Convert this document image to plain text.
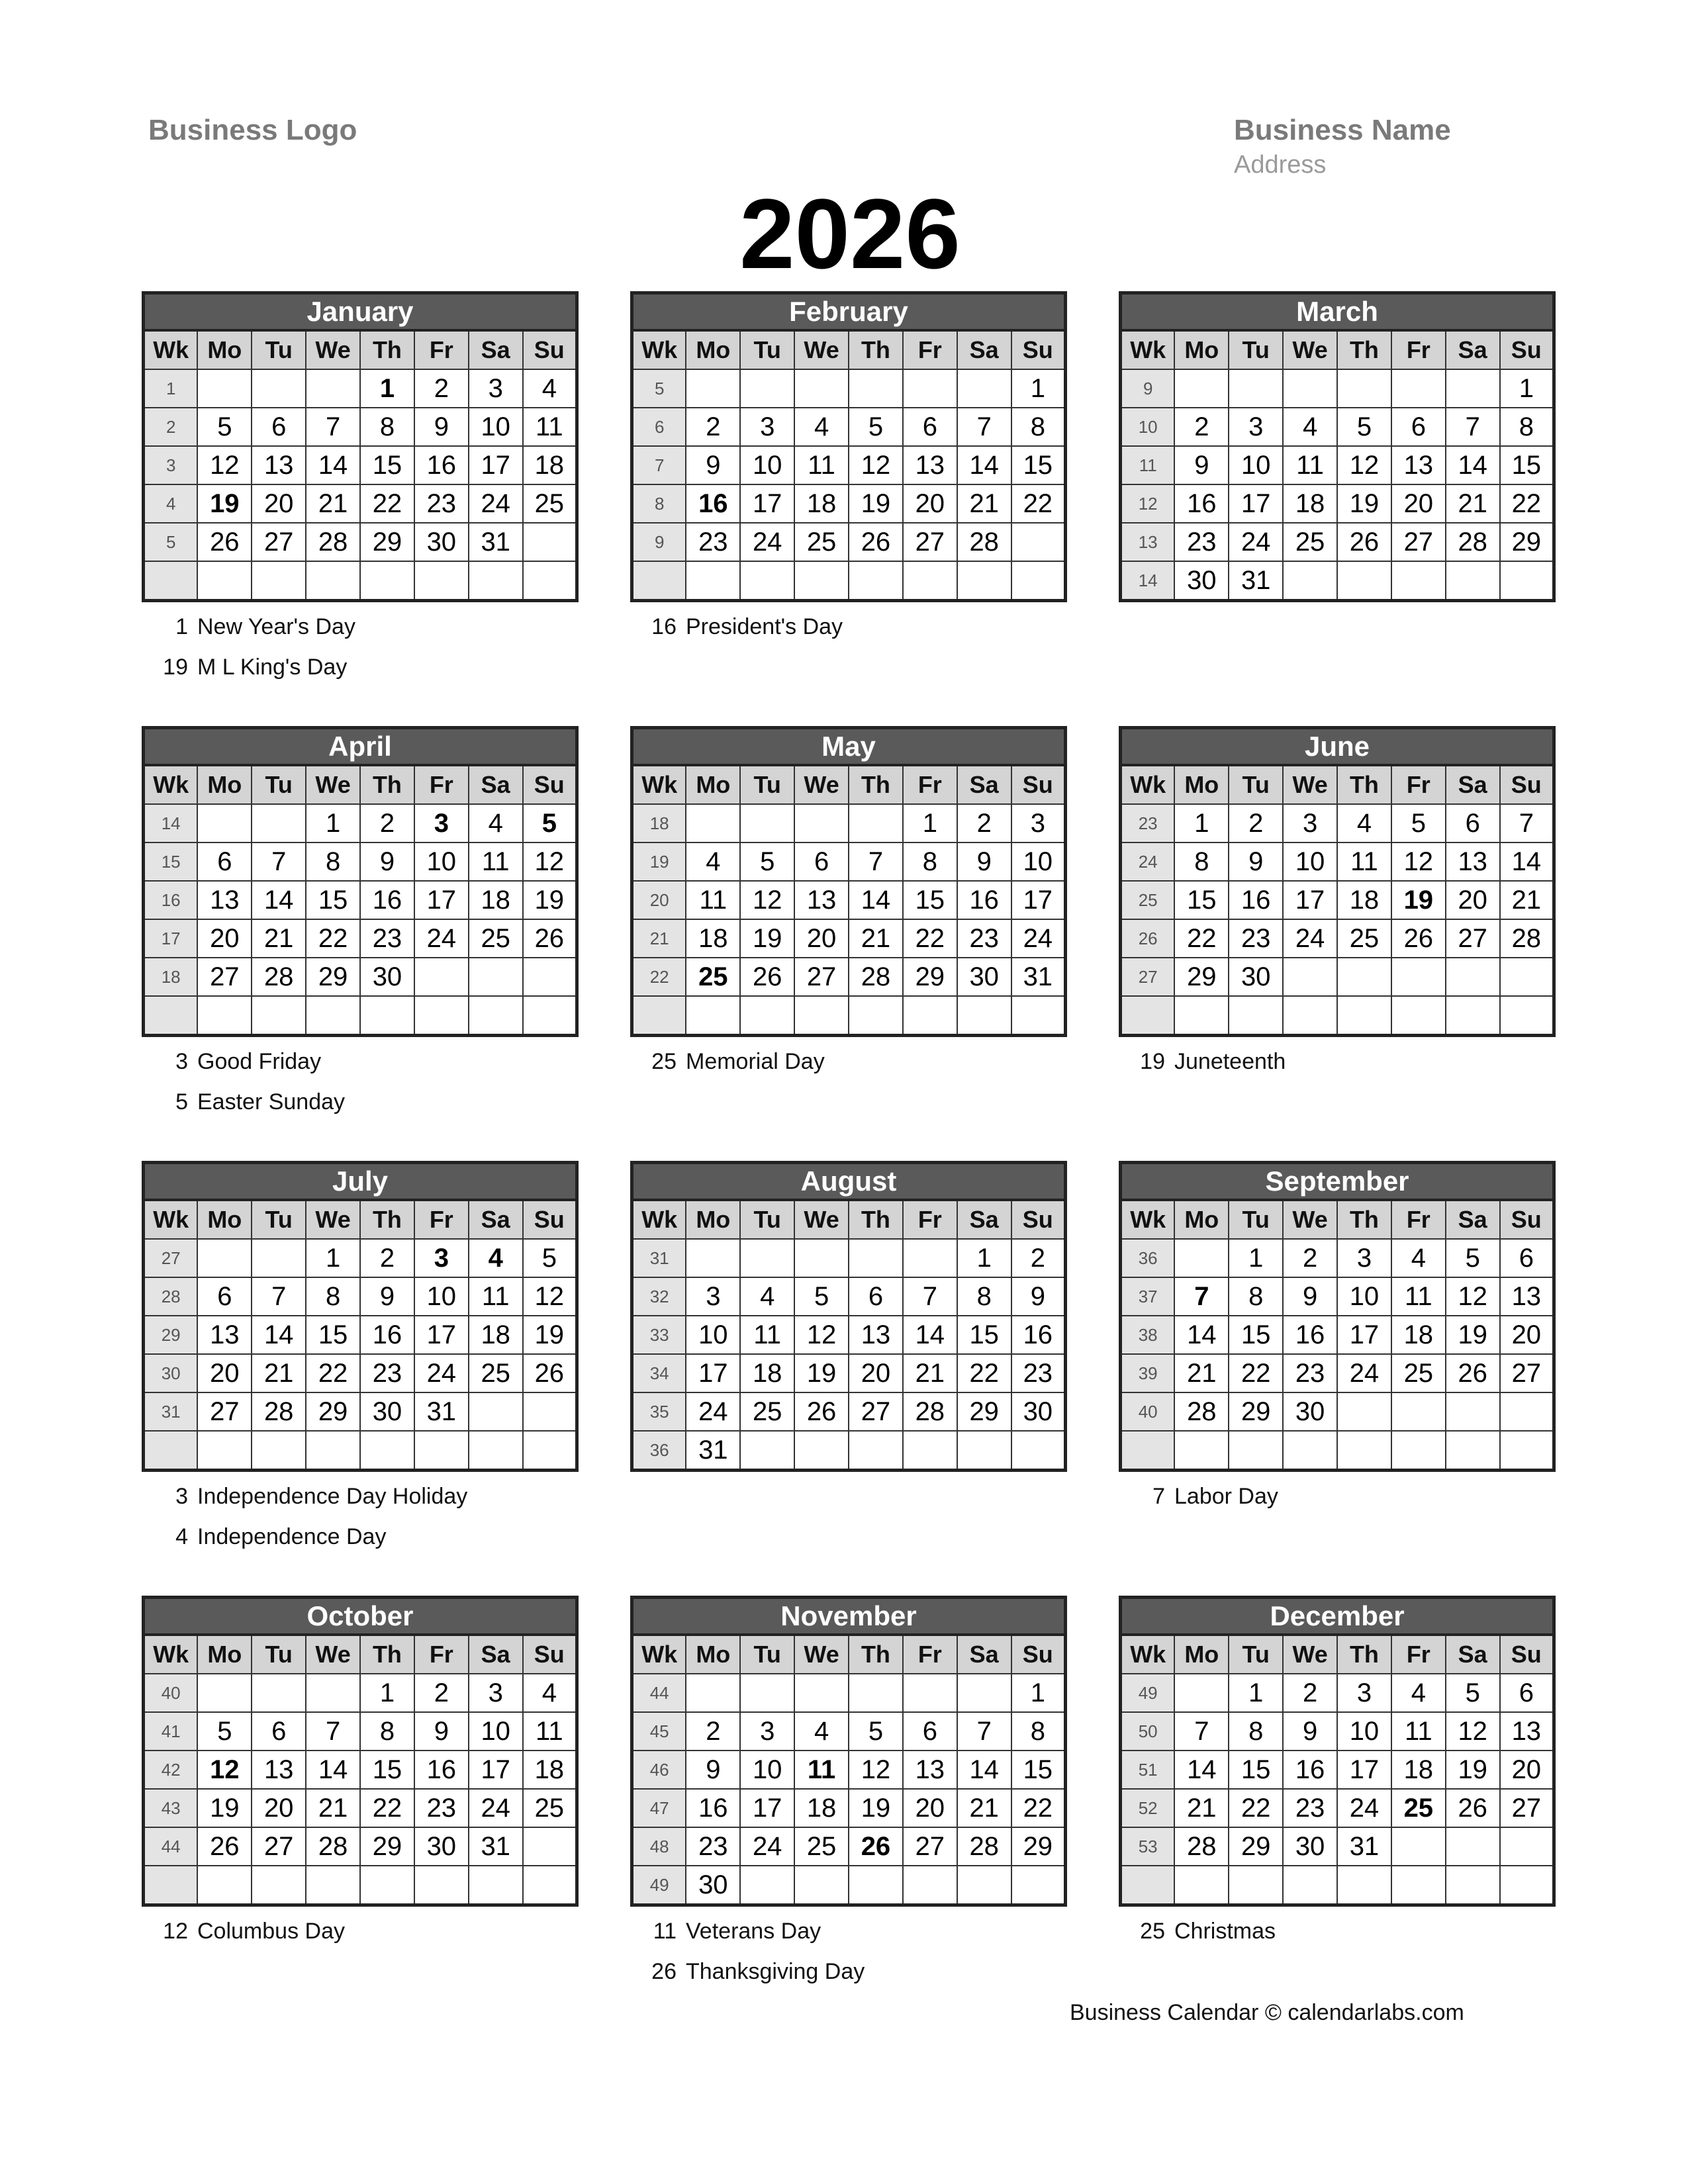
Business Logo	Business Name
Address
2026
January							
Wk	Mo	Tu	We	Th	Fr	Sa	Su
1				1	2	3	4
2	5	6	7	8	9	10	11
3	12	13	14	15	16	17	18
4	19	20	21	22	23	24	25
5	26	27	28	29	30	31	

1 New Year's Day
19 M L King's Day
February							
Wk	Mo	Tu	We	Th	Fr	Sa	Su
5							1
6	2	3	4	5	6	7	8
7	9	10	11	12	13	14	15
8	16	17	18	19	20	21	22
9	23	24	25	26	27	28	

16 President's Day
March							
Wk	Mo	Tu	We	Th	Fr	Sa	Su
9							1
10	2	3	4	5	6	7	8
11	9	10	11	12	13	14	15
12	16	17	18	19	20	21	22
13	23	24	25	26	27	28	29
14	30	31					
April							
Wk	Mo	Tu	We	Th	Fr	Sa	Su
14			1	2	3	4	5
15	6	7	8	9	10	11	12
16	13	14	15	16	17	18	19
17	20	21	22	23	24	25	26
18	27	28	29	30			

3 Good Friday
5 Easter Sunday
May							
Wk	Mo	Tu	We	Th	Fr	Sa	Su
18					1	2	3
19	4	5	6	7	8	9	10
20	11	12	13	14	15	16	17
21	18	19	20	21	22	23	24
22	25	26	27	28	29	30	31

25 Memorial Day
June							
Wk	Mo	Tu	We	Th	Fr	Sa	Su
23	1	2	3	4	5	6	7
24	8	9	10	11	12	13	14
25	15	16	17	18	19	20	21
26	22	23	24	25	26	27	28
27	29	30					

19 Juneteenth
July							
Wk	Mo	Tu	We	Th	Fr	Sa	Su
27			1	2	3	4	5
28	6	7	8	9	10	11	12
29	13	14	15	16	17	18	19
30	20	21	22	23	24	25	26
31	27	28	29	30	31		

3 Independence Day Holiday
4 Independence Day
August							
Wk	Mo	Tu	We	Th	Fr	Sa	Su
31						1	2
32	3	4	5	6	7	8	9
33	10	11	12	13	14	15	16
34	17	18	19	20	21	22	23
35	24	25	26	27	28	29	30
36	31						
September							
Wk	Mo	Tu	We	Th	Fr	Sa	Su
36		1	2	3	4	5	6
37	7	8	9	10	11	12	13
38	14	15	16	17	18	19	20
39	21	22	23	24	25	26	27
40	28	29	30				

7 Labor Day
October							
Wk	Mo	Tu	We	Th	Fr	Sa	Su
40				1	2	3	4
41	5	6	7	8	9	10	11
42	12	13	14	15	16	17	18
43	19	20	21	22	23	24	25
44	26	27	28	29	30	31	

12 Columbus Day
November							
Wk	Mo	Tu	We	Th	Fr	Sa	Su
44							1
45	2	3	4	5	6	7	8
46	9	10	11	12	13	14	15
47	16	17	18	19	20	21	22
48	23	24	25	26	27	28	29
49	30						
11 Veterans Day
26 Thanksgiving Day
December							
Wk	Mo	Tu	We	Th	Fr	Sa	Su
49		1	2	3	4	5	6
50	7	8	9	10	11	12	13
51	14	15	16	17	18	19	20
52	21	22	23	24	25	26	27
53	28	29	30	31			

25 Christmas
Business Calendar © calendarlabs.com
